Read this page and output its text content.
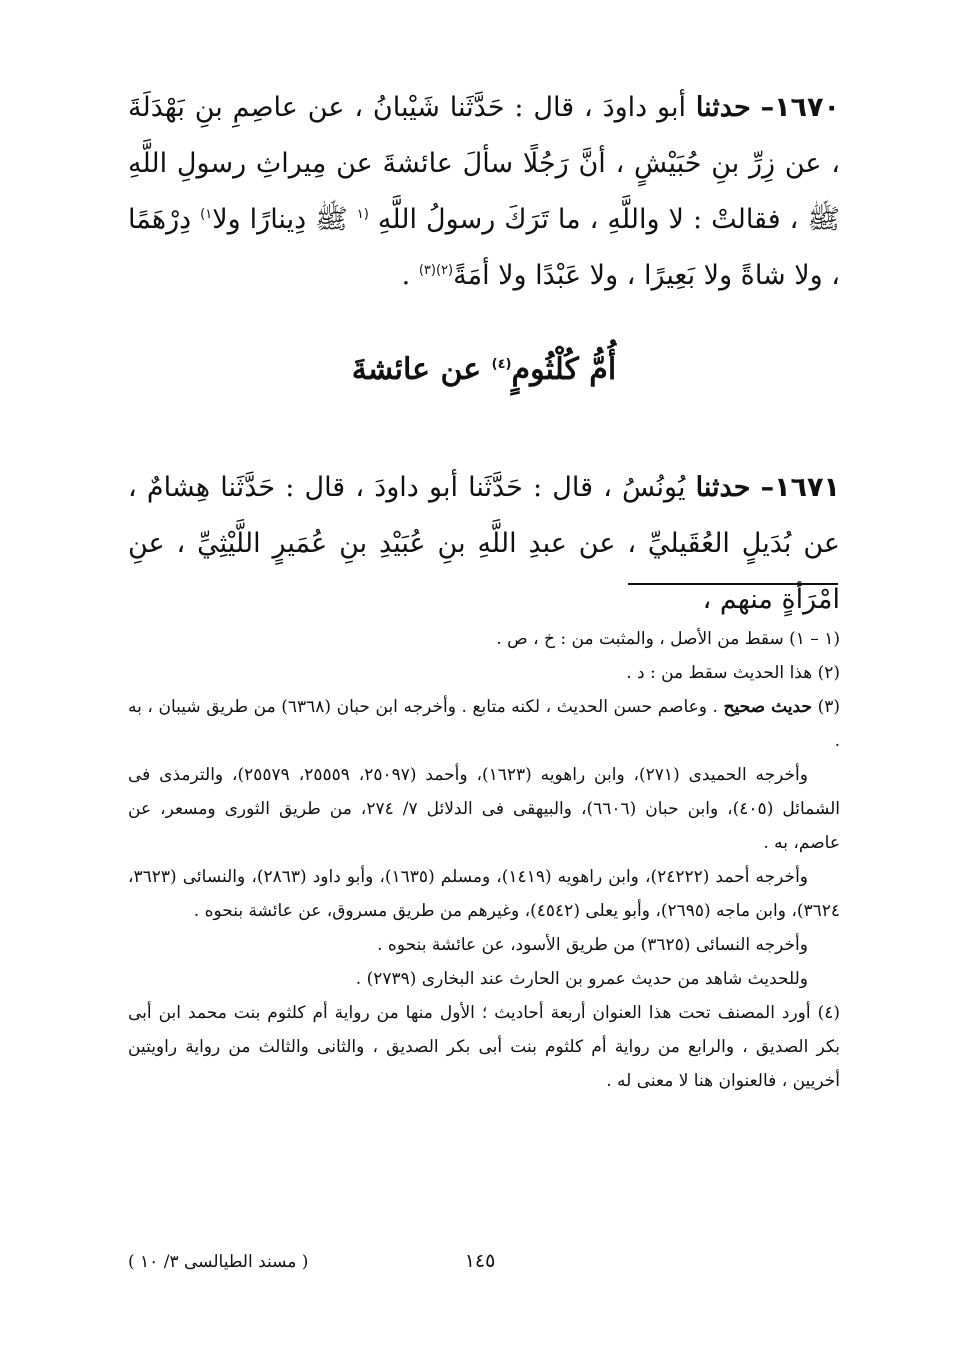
١٦٧٠– حدثنا أبو داودَ ، قال : حَدَّثَنا شَيْبانُ ، عن عاصِمِ بنِ بَهْدَلَةَ ، عن زِرِّ بنِ حُبَيْشٍ ، أنَّ رَجُلًا سألَ عائشةَ عن مِيراثِ رسولِ اللَّهِ ﷺ ، فقالتْ : لا واللَّهِ ، ما تَرَكَ رسولُ اللَّهِ $^{(١}$ ﷺ دِينارًا ولا$^{١)}$ دِرْهَمًا ، ولا شاةً ولا بَعِيرًا ، ولا عَبْدًا ولا أمَةً$^{(٢)(٣)}$ .

أُمُّ كُلْثُومٍ$^{(٤)}$ عن عائشةَ

١٦٧١– حدثنا يُونُسُ ، قال : حَدَّثَنا أبو داودَ ، قال : حَدَّثَنا هِشامٌ ، عن بُدَيلٍ العُقَيليِّ ، عن عبدِ اللَّهِ بنِ عُبَيْدِ بنِ عُمَيرٍ اللَّيْثِيِّ ، عنِ امْرَأةٍ منهم ،

(١ – ١) سقط من الأصل ، والمثبت من : خ ، ص .

(٢) هذا الحديث سقط من : د .

(٣) حديث صحيح . وعاصم حسن الحديث ، لكنه متابع . وأخرجه ابن حبان (٦٣٦٨) من طريق شيبان ، به .

وأخرجه الحميدى (٢٧١)، وابن راهويه (١٦٢٣)، وأحمد (٢٥٠٩٧، ٢٥٥٥٩، ٢٥٥٧٩)، والترمذى فى الشمائل (٤٠٥)، وابن حبان (٦٦٠٦)، والبيهقى فى الدلائل ٧/ ٢٧٤، من طريق الثورى ومسعر، عن عاصم، به .

وأخرجه أحمد (٢٤٢٢٢)، وابن راهويه (١٤١٩)، ومسلم (١٦٣٥)، وأبو داود (٢٨٦٣)، والنسائى (٣٦٢٣، ٣٦٢٤)، وابن ماجه (٢٦٩٥)، وأبو يعلى (٤٥٤٢)، وغيرهم من طريق مسروق، عن عائشة بنحوه .

وأخرجه النسائى (٣٦٢٥) من طريق الأسود، عن عائشة بنحوه .

وللحديث شاهد من حديث عمرو بن الحارث عند البخارى (٢٧٣٩) .

(٤) أورد المصنف تحت هذا العنوان أربعة أحاديث ؛ الأول منها من رواية أم كلثوم بنت محمد ابن أبى بكر الصديق ، والرابع من رواية أم كلثوم بنت أبى بكر الصديق ، والثانى والثالث من رواية راويتين أخريين ، فالعنوان هنا لا معنى له .

١٤٥
( مسند الطيالسى ٣/ ١٠ )
